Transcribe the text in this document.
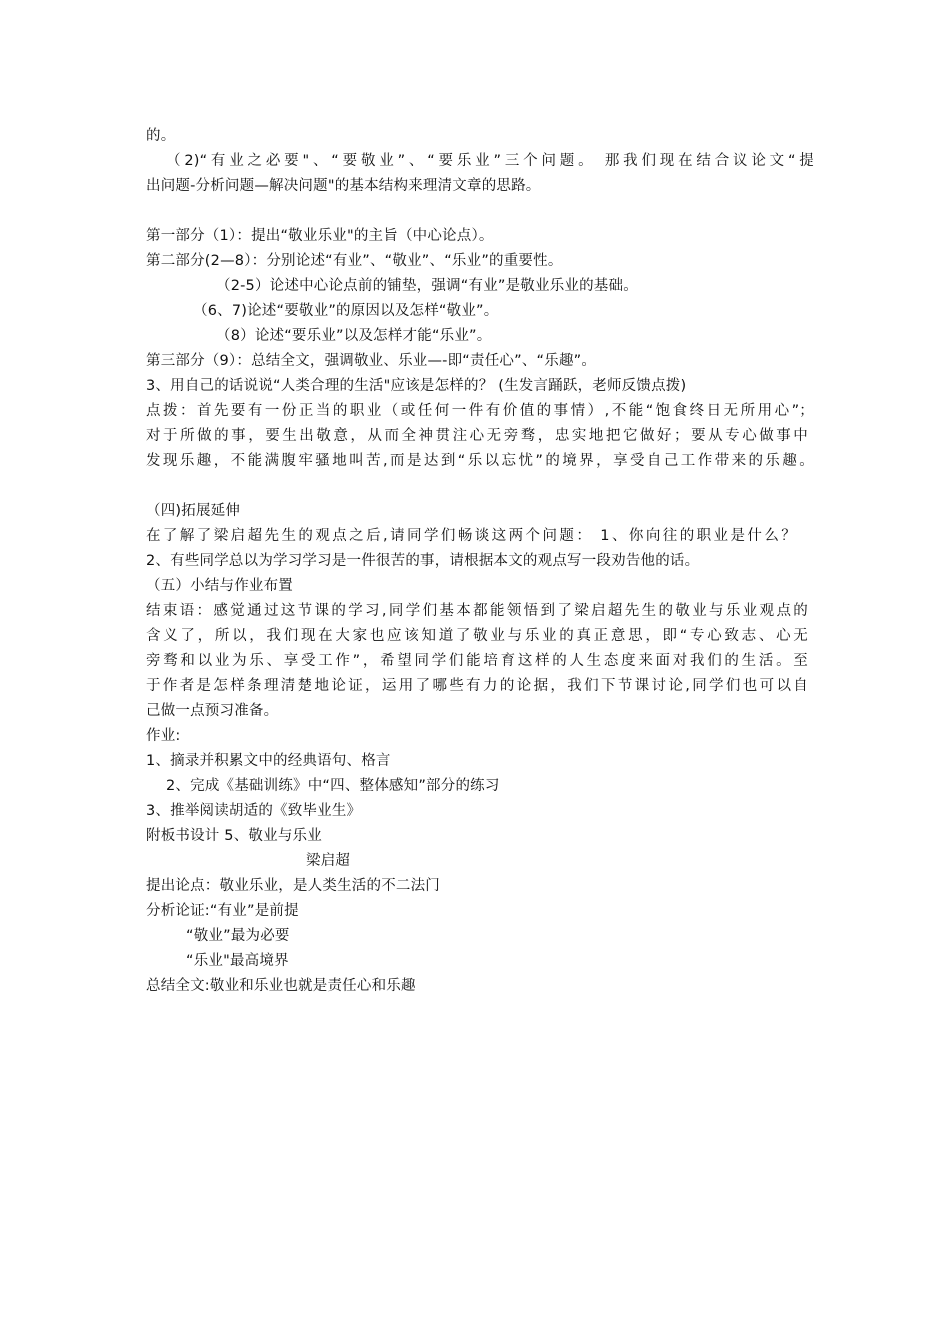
的。
（2)“有业之必要"、“要敬业”、“要乐业”三个问题。 那我们现在结合议论文“提
出问题-分析问题—解决问题"的基本结构来理清文章的思路。
第一部分（1）：提出“敬业乐业"的主旨（中心论点）。
第二部分(2—8）：分别论述“有业”、“敬业”、“乐业”的重要性。
（2-5）论述中心论点前的铺垫，强调“有业”是敬业乐业的基础。
（6、7)论述“要敬业”的原因以及怎样“敬业”。
（8）论述“要乐业”以及怎样才能“乐业”。
第三部分（9）：总结全文，强调敬业、乐业—-即“责任心”、“乐趣”。
3、用自己的话说说“人类合理的生活"应该是怎样的？ (生发言踊跃，老师反馈点拨)
点拨：首先要有一份正当的职业（或任何一件有价值的事情）,不能“饱食终日无所用心”；
对于所做的事，要生出敬意，从而全神贯注心无旁骛，忠实地把它做好；要从专心做事中
发现乐趣，不能满腹牢骚地叫苦,而是达到“乐以忘忧”的境界，享受自己工作带来的乐趣。
（四)拓展延伸
在了解了梁启超先生的观点之后,请同学们畅谈这两个问题： 1、你向往的职业是什么？
2、有些同学总以为学习学习是一件很苦的事，请根据本文的观点写一段劝告他的话。
（五）小结与作业布置
结束语：感觉通过这节课的学习,同学们基本都能领悟到了梁启超先生的敬业与乐业观点的
含义了，所以，我们现在大家也应该知道了敬业与乐业的真正意思，即“专心致志、心无
旁骛和以业为乐、享受工作”，希望同学们能培育这样的人生态度来面对我们的生活。至
于作者是怎样条理清楚地论证，运用了哪些有力的论据，我们下节课讨论,同学们也可以自
己做一点预习准备。
作业:
1、摘录并积累文中的经典语句、格言
2、完成《基础训练》中“四、整体感知”部分的练习
3、推举阅读胡适的《致毕业生》
附板书设计 5、敬业与乐业
梁启超
提出论点：敬业乐业，是人类生活的不二法门
分析论证:“有业”是前提
“敬业”最为必要
“乐业"最高境界
总结全文:敬业和乐业也就是责任心和乐趣
